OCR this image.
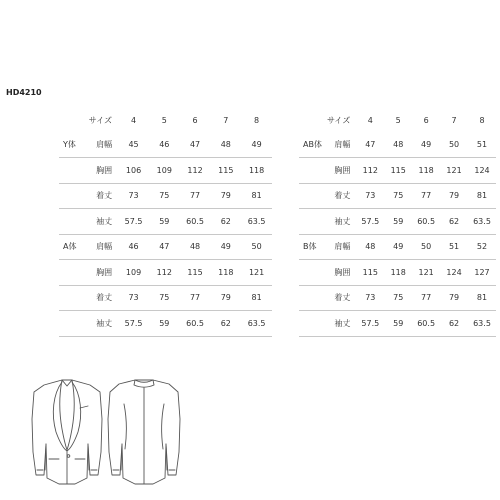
HD4210
	サイズ	4	5	6	7	8
Y体	肩幅	45	46	47	48	49
	胸囲	106	109	112	115	118
	着丈	73	75	77	79	81
	袖丈	57.5	59	60.5	62	63.5
A体	肩幅	46	47	48	49	50
	胸囲	109	112	115	118	121
	着丈	73	75	77	79	81
	袖丈	57.5	59	60.5	62	63.5
	サイズ	4	5	6	7	8
AB体	肩幅	47	48	49	50	51
	胸囲	112	115	118	121	124
	着丈	73	75	77	79	81
	袖丈	57.5	59	60.5	62	63.5
B体	肩幅	48	49	50	51	52
	胸囲	115	118	121	124	127
	着丈	73	75	77	79	81
	袖丈	57.5	59	60.5	62	63.5
